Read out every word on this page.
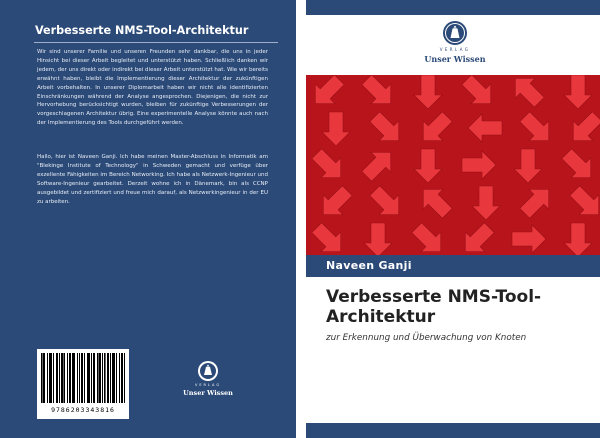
Verbesserte NMS-Tool-Architektur

Wir sind unserer Familie und unseren Freunden sehr dankbar, die uns in jeder Hinsicht bei dieser Arbeit begleitet und unterstützt haben. Schließlich danken wir jedem, der uns direkt oder indirekt bei dieser Arbeit unterstützt hat. Wie wir bereits erwähnt haben, bleibt die Implementierung dieser Architektur der zukünftigen Arbeit vorbehalten. In unserer Diplomarbeit haben wir nicht alle identifizierten Einschränkungen während der Analyse angesprochen. Diejenigen, die nicht zur Hervorhebung berücksichtigt wurden, bleiben für zukünftige Verbesserungen der vorgeschlagenen Architektur übrig. Eine experimentelle Analyse könnte auch nach der Implementierung des Tools durchgeführt werden.

Hallo, hier ist Naveen Ganji. Ich habe meinen Master-Abschluss in Informatik am "Blekinge Institute of Technology" in Schweden gemacht und verfüge über exzellente Fähigkeiten im Bereich Networking. Ich habe als Netzwerk-Ingenieur und Software-Ingenieur gearbeitet. Derzeit wohne ich in Dänemark, bin als CCNP ausgebildet und zertifiziert und freue mich darauf, als Netzwerkingenieur in der EU zu arbeiten.

9786203343816
VERLAG
Unser Wissen
VERLAG
Unser Wissen
Naveen Ganji
Verbesserte NMS-Tool-Architektur
zur Erkennung und Überwachung von Knoten
